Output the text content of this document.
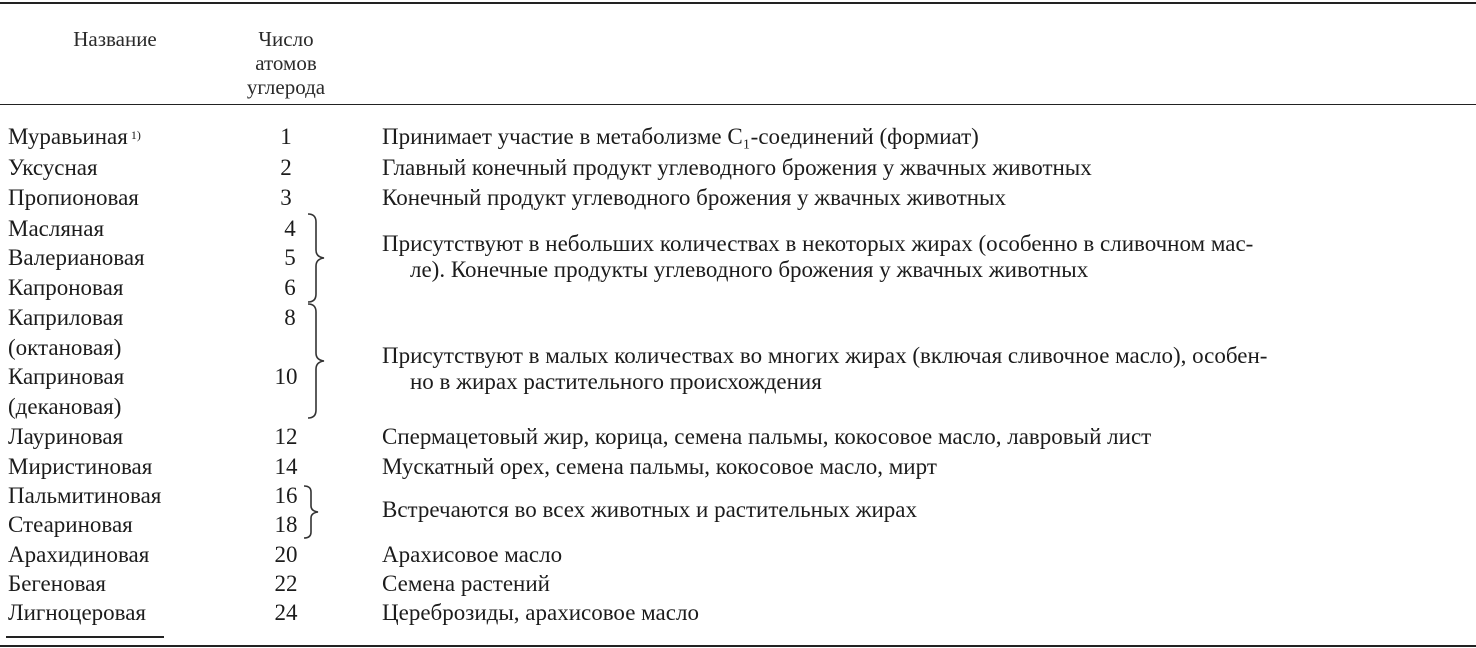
Название	Число
атомов
углерода
Муравьиная $^{1)}$	1	Принимает участие в метаболизме C₁-соединений (формиат)
Уксусная	2	Главный конечный продукт углеводного брожения у жвачных животных
Пропионовая	3	Конечный продукт углеводного брожения у жвачных животных
Масляная	4
Валериановая	5
Капроновая	6
Присутствуют в небольших количествах в некоторых жирах (особенно в сливочном мас-
ле). Конечные продукты углеводного брожения у жвачных животных
Каприловая	8
(октановая)
Каприновая	10
(декановая)
Присутствуют в малых количествах во многих жирах (включая сливочное масло), особен-
но в жирах растительного происхождения
Лауриновая	12	Спермацетовый жир, корица, семена пальмы, кокосовое масло, лавровый лист
Миристиновая	14	Мускатный орех, семена пальмы, кокосовое масло, мирт
Пальмитиновая	16
Стеариновая	18
Встречаются во всех животных и растительных жирах
Арахидиновая	20	Арахисовое масло
Бегеновая	22	Семена растений
Лигноцеровая	24	Цереброзиды, арахисовое масло
